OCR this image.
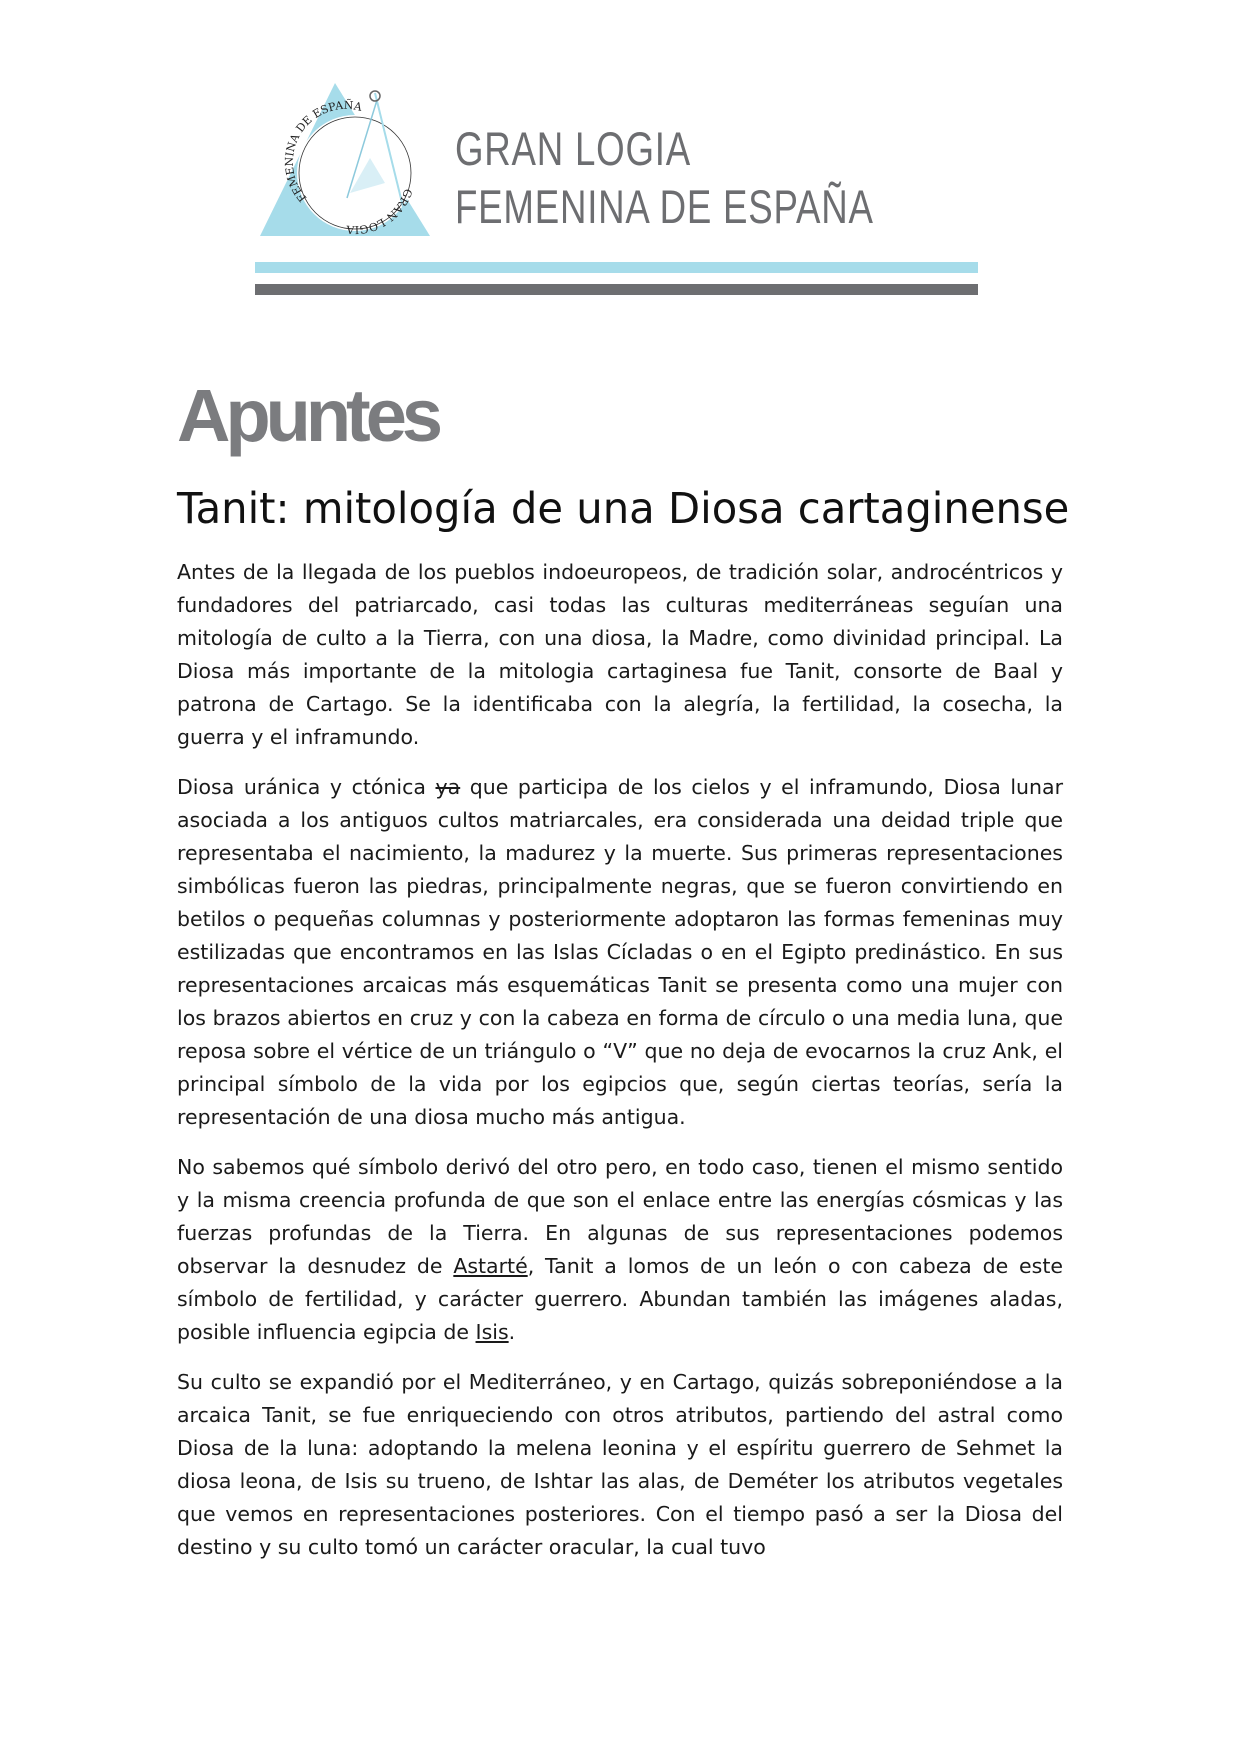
FEMENINA DE ESPAÑA
GRAN LOGIA
GRAN LOGIA
FEMENINA DE ESPAÑA
Apuntes
Tanit: mitología de una Diosa cartaginense

Antes de la llegada de los pueblos indoeuropeos, de tradición solar, androcéntricos y fundadores del patriarcado, casi todas las culturas mediterráneas seguían una mitología de culto a la Tierra, con una diosa, la Madre, como divinidad principal. La Diosa más importante de la mitologia cartaginesa fue Tanit, consorte de Baal y patrona de Cartago. Se la identificaba con la alegría, la fertilidad, la cosecha, la guerra y el inframundo.

Diosa uránica y ctónica ya que participa de los cielos y el inframundo, Diosa lunar asociada a los antiguos cultos matriarcales, era considerada una deidad triple que representaba el nacimiento, la madurez y la muerte. Sus primeras representaciones simbólicas fueron las piedras, principalmente negras, que se fueron convirtiendo en betilos o pequeñas columnas y posteriormente adoptaron las formas femeninas muy estilizadas que encontramos en las Islas Cícladas o en el Egipto predinástico. En sus representaciones arcaicas más esquemáticas Tanit se presenta como una mujer con los brazos abiertos en cruz y con la cabeza en forma de círculo o una media luna, que reposa sobre el vértice de un triángulo o “V” que no deja de evocarnos la cruz Ank, el principal símbolo de la vida por los egipcios que, según ciertas teorías, sería la representación de una diosa mucho más antigua.

No sabemos qué símbolo derivó del otro pero, en todo caso, tienen el mismo sentido y la misma creencia profunda de que son el enlace entre las energías cósmicas y las fuerzas profundas de la Tierra. En algunas de sus representaciones podemos observar la desnudez de Astarté, Tanit a lomos de un león o con cabeza de este símbolo de fertilidad, y carácter guerrero. Abundan también las imágenes aladas, posible influencia egipcia de Isis.

Su culto se expandió por el Mediterráneo, y en Cartago, quizás sobreponiéndose a la arcaica Tanit, se fue enriqueciendo con otros atributos, partiendo del astral como Diosa de la luna: adoptando la melena leonina y el espíritu guerrero de Sehmet la diosa leona, de Isis su trueno, de Ishtar las alas, de Deméter los atributos vegetales que vemos en representaciones posteriores. Con el tiempo pasó a ser la Diosa del destino y su culto tomó un carácter oracular, la cual tuvo
